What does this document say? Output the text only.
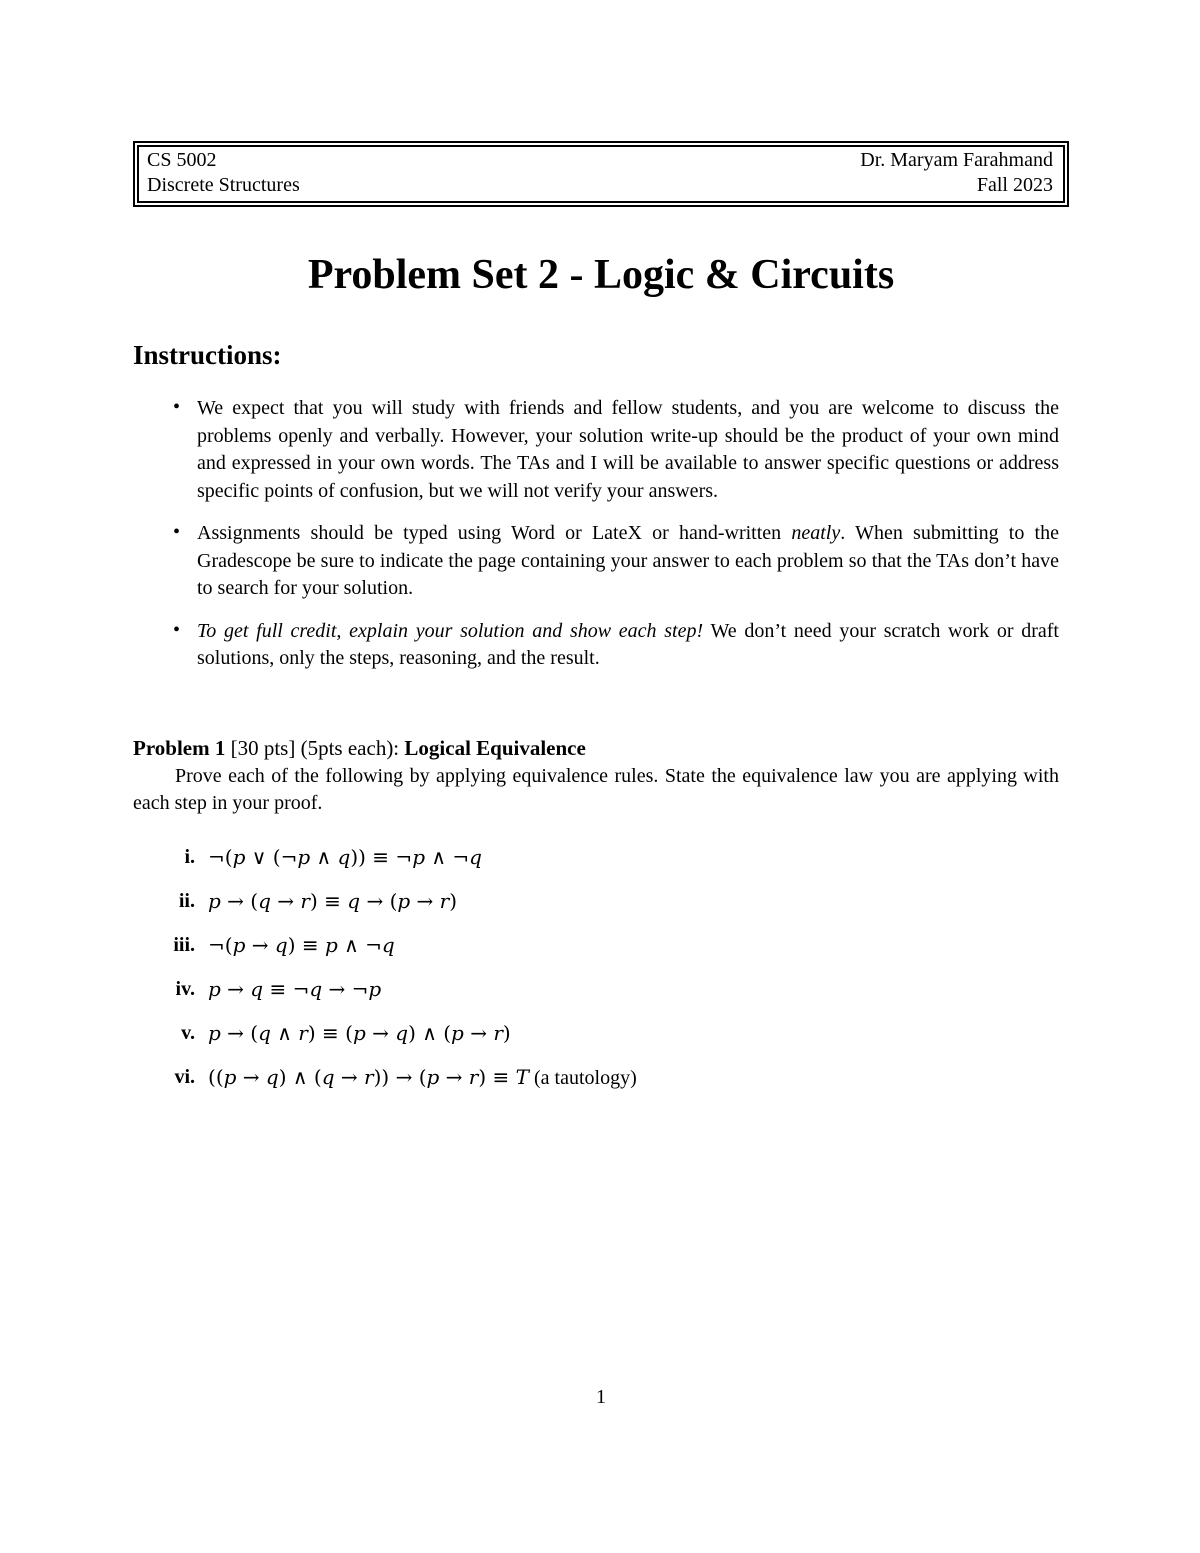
CS 5002
Discrete Structures
Dr. Maryam Farahmand
Fall 2023
Problem Set 2 - Logic & Circuits
Instructions:
• We expect that you will study with friends and fellow students, and you are welcome to discuss the problems openly and verbally. However, your solution write-up should be the product of your own mind and expressed in your own words. The TAs and I will be available to answer specific questions or address specific points of confusion, but we will not verify your answers.
• Assignments should be typed using Word or LateX or hand-written neatly. When submitting to the Gradescope be sure to indicate the page containing your answer to each problem so that the TAs don’t have to search for your solution.
• To get full credit, explain your solution and show each step! We don’t need your scratch work or draft solutions, only the steps, reasoning, and the result.

Problem 1 [30 pts] (5pts each): Logical Equivalence

Prove each of the following by applying equivalence rules. State the equivalence law you are applying with each step in your proof.

i. ¬(p ∨ (¬p ∧ q)) ≡ ¬p ∧ ¬q
ii. p → (q → r) ≡ q → (p → r)
iii. ¬(p → q) ≡ p ∧ ¬q
iv. p → q ≡ ¬q → ¬p
v. p → (q ∧ r) ≡ (p → q) ∧ (p → r)
vi. ((p → q) ∧ (q → r)) → (p → r) ≡ T (a tautology)
1
